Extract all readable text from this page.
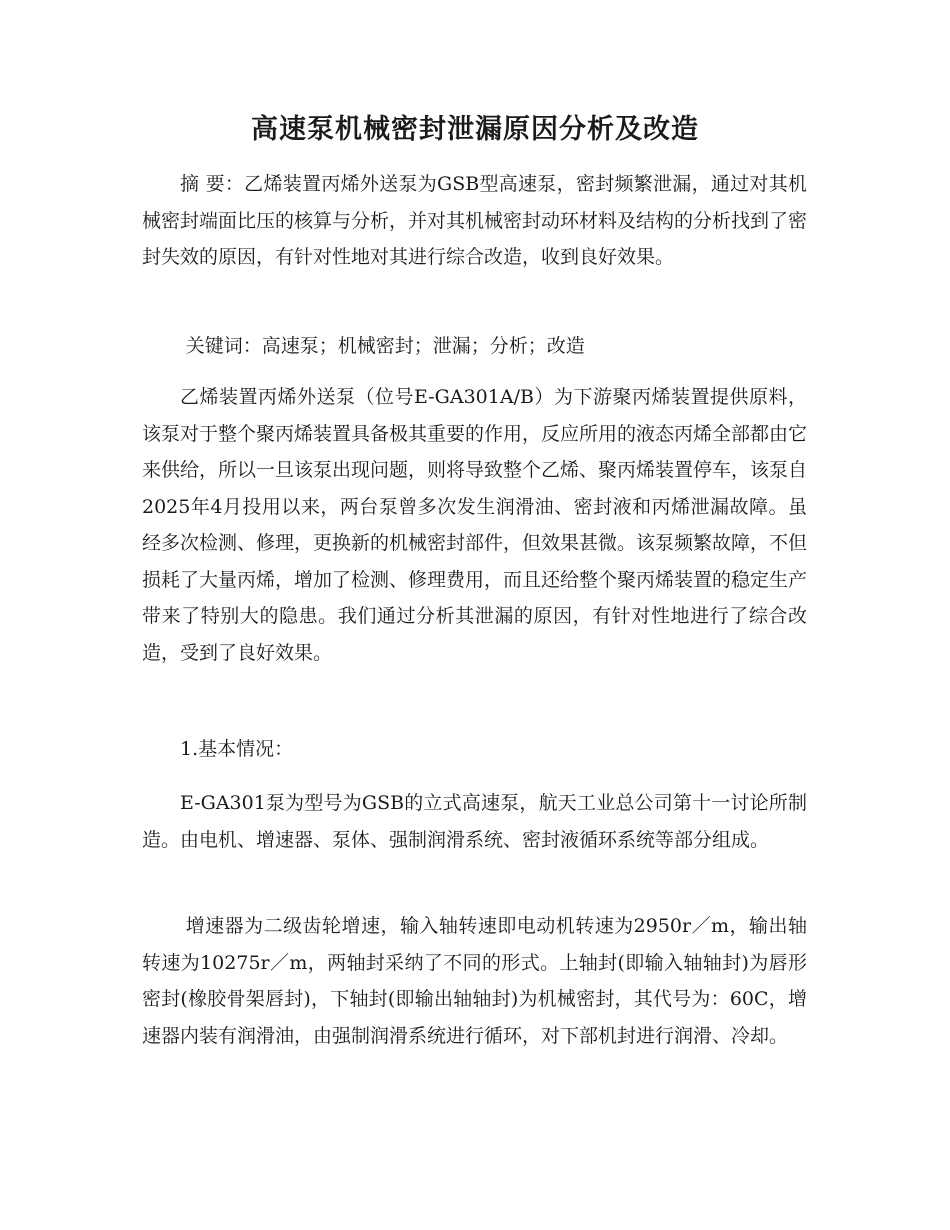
高速泵机械密封泄漏原因分析及改造

摘 要：乙烯装置丙烯外送泵为GSB型高速泵，密封频繁泄漏，通过对其机械密封端面比压的核算与分析，并对其机械密封动环材料及结构的分析找到了密封失效的原因，有针对性地对其进行综合改造，收到良好效果。

关键词：高速泵；机械密封；泄漏；分析；改造

乙烯装置丙烯外送泵（位号E-GA301A/B）为下游聚丙烯装置提供原料，该泵对于整个聚丙烯装置具备极其重要的作用，反应所用的液态丙烯全部都由它来供给，所以一旦该泵出现问题，则将导致整个乙烯、聚丙烯装置停车，该泵自2025年4月投用以来，两台泵曾多次发生润滑油、密封液和丙烯泄漏故障。虽经多次检测、修理，更换新的机械密封部件，但效果甚微。该泵频繁故障，不但损耗了大量丙烯，增加了检测、修理费用，而且还给整个聚丙烯装置的稳定生产带来了特别大的隐患。我们通过分析其泄漏的原因，有针对性地进行了综合改造，受到了良好效果。

1.基本情况：

E-GA301泵为型号为GSB的立式高速泵，航天工业总公司第十一讨论所制造。由电机、增速器、泵体、强制润滑系统、密封液循环系统等部分组成。

增速器为二级齿轮增速，输入轴转速即电动机转速为2950r／m，输出轴转速为10275r／m，两轴封采纳了不同的形式。上轴封(即输入轴轴封)为唇形密封(橡胶骨架唇封)，下轴封(即输出轴轴封)为机械密封，其代号为：60C，增速器内装有润滑油，由强制润滑系统进行循环，对下部机封进行润滑、冷却。
